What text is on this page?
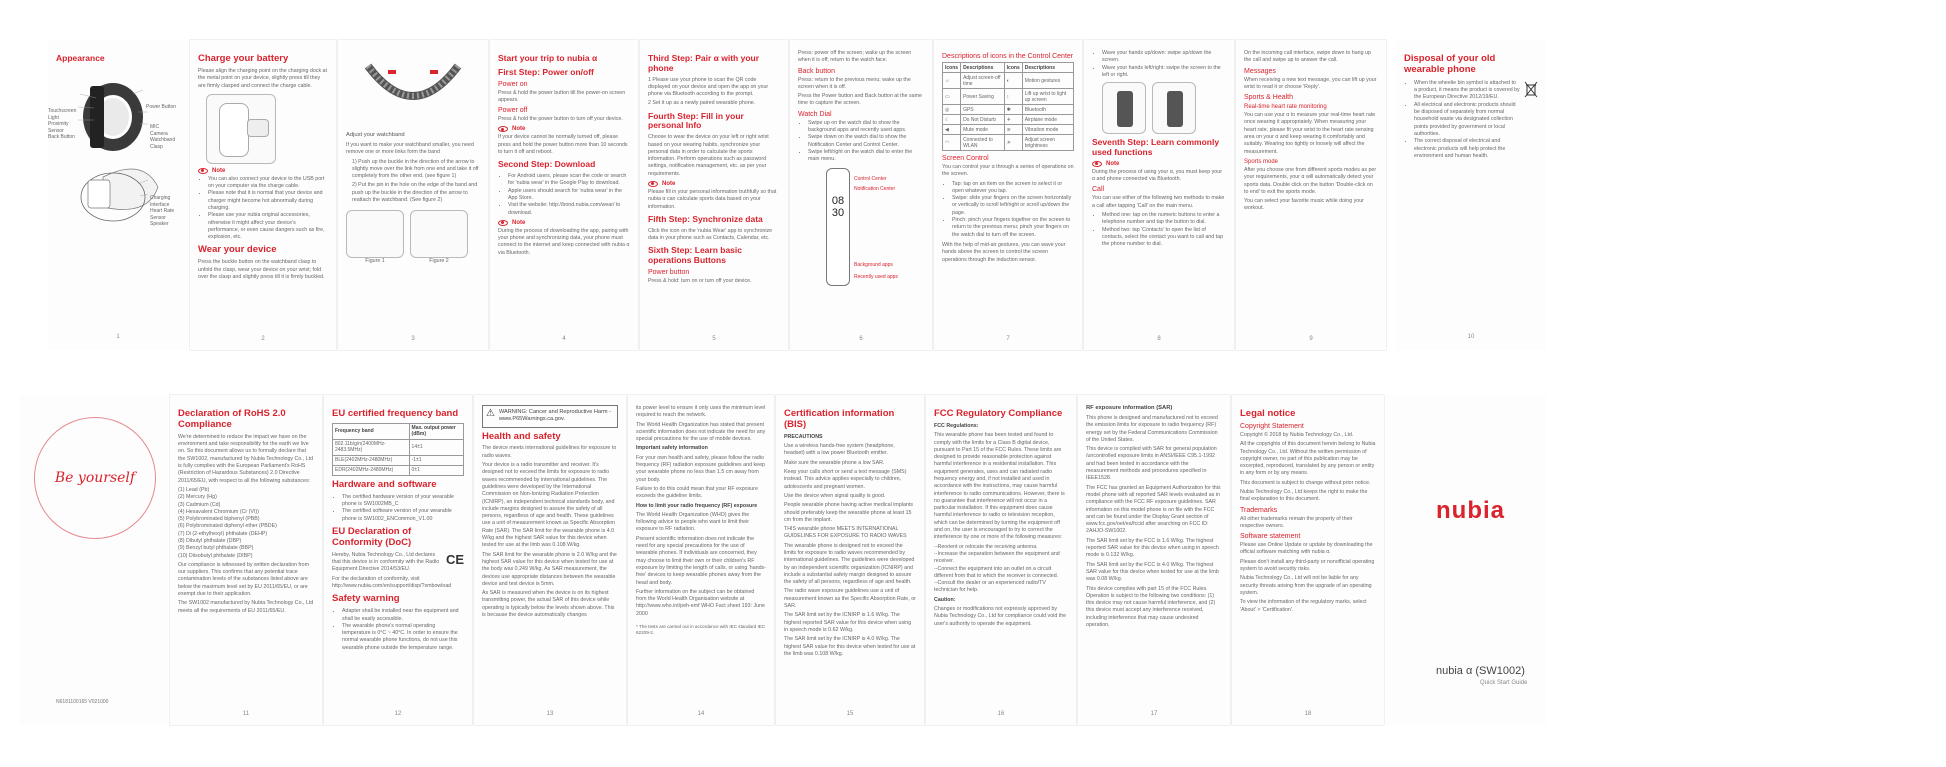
Appearance
Touchscreen
Light
Proximity
Sensor
Back Button
Power Button
MIC
Camera
Watchband
Clasp
Charging
Interface
Heart Rate
Sensor
Speaker
1
Charge your battery

Please align the charging point on the charging dock at the metal point on your device, slightly press till they are firmly clasped and connect the charge cable.

Note
• You can also connect your device to the USB port on your computer via the charge cable.
• Please note that it is normal that your device and charger might become hot abnormally during charging.
• Please use your nubia original accessories, otherwise it might affect your device's performance, or even cause dangers such as fire, explosion, etc.
Wear your device

Press the buckle button on the watchband clasp to unfold the clasp, wear your device on your wrist; fold over the clasp and slightly press till it is firmly buckled.

2

Adjust your watchband

If you want to make your watchband smaller, you need remove one or more links form the band

1) Push up the buckle in the direction of the arrow to slightly move over the link from one end and take it off completely from the other end. (see figure 1)

2) Put the pin in the hole on the edge of the band and push up the buckle in the direction of the arrow to reattach the watchband. (See figure 2)

Figure 1	Figure 2

3
Start your trip to nubia α
First Step: Power on/off
Power on

Press & hold the power button till the power-on screen appears.

Power off

Press & hold the power button to turn off your device.

Note

If your device cannot be normally turned off, please press and hold the power button more than 10 seconds to turn it off and reboot.

Second Step: Download
• For Android users, please scan the code or search for 'nubia wear' in the Google Play to download.
• Apple users should search for 'nubia wear' in the App Store.
• Visit the website: http://bond.nubia.com/wear/ to download.
Note

During the process of downloading the app, pairing with your phone and synchronizing data, your phone must connect to the internet and keep connected with nubia α via Bluetooth.

4
Third Step: Pair α with your phone

1 Please use your phone to scan the QR code displayed on your device and open the app on your phone via Bluetooth according to the prompt.

2 Set it up as a newly paired wearable phone.

Fourth Step: Fill in your personal Info

Choose to wear the device on your left or right wrist based on your wearing habits, synchronize your personal data in order to calculate the sports information. Perform operations such as password settings, notification management, etc. as per your requirements.

Note

Please fill in your personal information truthfully so that nubia α can calculate sports data based on your information.

Fifth Step: Synchronize data

Click the icon on the 'nubia Wear' app to synchronize data in your phone such as Contacts, Calendar, etc.

Sixth Step: Learn basic operations Buttons
Power button

Press & hold: turn on or turn off your device.

5

Press: power off the screen; wake up the screen when it is off; return to the watch face.

Back button

Press: return to the previous menu; wake up the screen when it is off.

Press the Power button and Back button at the same time to capture the screen.

Watch Dial
• Swipe up on the watch dial to show the background apps and recently used apps.
• Swipe down on the watch dial to show the Notification Center and Control Center.
• Swipe left/right on the watch dial to enter the main menu.
08
30
Control Center
Notification Center
Background apps
Recently used apps
6
Descriptions of icons in the Control Center
Icons	Descriptions	Icons	Descriptions
☼	Adjust screen-off time	◐	Motion gestures
▭	Power Saving	↕	Lift up wrist to light up screen
◎	GPS	✱	Bluetooth
☾	Do Not Disturb	✈	Airplane mode
◀	Mute mode	≋	Vibration mode
◠	Connected to WLAN	☀	Adjust screen brightness
Screen Control

You can control your α through a series of operations on the screen.

• Tap: tap on an item on the screen to select it or open whatever you tap.
• Swipe: slide your fingers on the screen horizontally or vertically to scroll left/right or scroll up/down the page.
• Pinch: pinch your fingers together on the screen to return to the previous menu; pinch your fingers on the watch dial to turn off the screen.

With the help of mid-air gestures, you can wave your hands above the screen to control the screen operations through the induction sensor.

7
• Wave your hands up/down: swipe up/down the screen.
• Wave your hands left/right: swipe the screen to the left or right.
Seventh Step: Learn commonly used functions
Note

During the process of using your α, you must keep your α and phone connected via Bluetooth.

Call

You can use either of the following two methods to make a call after tapping 'Call' on the main menu.

• Method one: tap on the numeric buttons to enter a telephone number and tap the button to dial.
• Method two: tap 'Contacts' to open the list of contacts, select the contact you want to call and tap the phone number to dial.
8

On the incoming call interface, swipe down to hang up the call and swipe up to answer the call.

Messages

When receiving a new text message, you can lift up your wrist to read it or choose 'Reply'.

Sports & Health
Real-time heart rate monitoring

You can use your α to measure your real-time heart rate once wearing it appropriately. When measuring your heart rate, please fit your wrist to the heart rate sensing area on your α and keep wearing it comfortably and suitably. Wearing too tightly or loosely will affect the measurement.

Sports mode

After you choose one from different sports modes as per your requirements, your α will automatically detect your sports data. Double click on the button 'Double-click on to end' to exit the sports mode.

You can select your favorite music while doing your workout.

9
Disposal of your old wearable phone
• When the wheelie bin symbol is attached to a product, it means the product is covered by the European Directive 2012/19/EU.
• All electrical and electronic products should be disposed of separately from normal household waste via designated collection points provided by government or local authorities.
• The correct disposal of electrical and electronic products will help protect the environment and human health.
10
Be yourself
N6181100165 V021000
Declaration of RoHS 2.0 Compliance

We're determined to reduce the impact we have on the environment and take responsibility for the earth we live on. So this document allows us to formally declare that the SW1002, manufactured by Nubia Technology Co., Ltd is fully complies with the European Parliament's RoHS (Restriction of Hazardous Substances) 2.0 Directive 2011/65/EU, with respect to all the following substances:

(1) Lead (Pb)

(2) Mercury (Hg)

(3) Cadmium (Cd)

(4) Hexavalent Chromium (Cr (VI))

(5) Polybrominated biphenyl (PBB)

(6) Polybrominated diphenyl ether (PBDE)

(7) Di (2-ethylhexyl) phthalate (DEHP)

(8) Dibutyl phthalate (DBP)

(9) Benzyl butyl phthalate (BBP)

(10) Diisobutyl phthalate (DIBP)

Our compliance is witnessed by written declaration from our suppliers. This confirms that any potential trace contamination levels of the substances listed above are below the maximum level set by EU 2011/65/EU, or are exempt due to their application.

The SW1002 manufactured by Nubia Technology Co., Ltd meets all the requirements of EU 2011/65/EU.

11
EU certified frequency band
Frequency band	Max. output power (dBm)
802.11b/g/n(2400MHz-2483.5MHz)	14±1
BLE(2402MHz-2480MHz)	-1±1
EDR(2402MHz-2480MHz)	0±1
Hardware and software
• The certified hardware version of your wearable phone is SW1002MB_C
• The certified software version of your wearable phone is SW1002_ENCommon_V1.00
EU Declaration of Conformity (DoC)

Hereby, Nubia Technology Co., Ltd declares that this device is in conformity with the Radio Equipment Directive 2014/53/EU.

CE

For the declaration of conformity, visit http://www.nubia.com/en/support/disp/?smbowload

Safety warning
• Adapter shall be installed near the equipment and shall be easily accessible.
• The wearable phone's normal operating temperature is 0°C ~ 40°C. In order to ensure the normal wearable phone functions, do not use this wearable phone outside the temperature range.
12
⚠ WARNING: Cancer and Reproductive Harm - www.P65Warnings.ca.gov.
Health and safety

The device meets international guidelines for exposure to radio waves.

Your device is a radio transmitter and receiver. It's designed not to exceed the limits for exposure to radio waves recommended by international guidelines. The guidelines were developed by the International Commission on Non-Ionizing Radiation Protection (ICNIRP), an independent technical standards body, and include margins designed to assure the safety of all persons, regardless of age and health. These guidelines use a unit of measurement known as Specific Absorption Rate (SAR). The SAR limit for the wearable phone is 4.0 W/kg and the highest SAR value for this device when tested for use at the limb was 0.108 W/kg.

The SAR limit for the wearable phone is 2.0 W/kg and the highest SAR value for this device when tested for use at the body was 0.249 W/kg. As SAR measurement, the devices use appropriate distances between the wearable device and test device is 5mm.

As SAR is measured when the device is on its highest transmitting power, the actual SAR of this device while operating is typically below the levels shown above. This is because the device automatically changes

13

its power level to ensure it only uses the minimum level required to reach the network.

The World Health Organization has stated that present scientific information does not indicate the need for any special precautions for the use of mobile devices.

Important safety information

For your own health and safety, please follow the radio frequency (RF) radiation exposure guidelines and keep your wearable phone no less than 1.5 cm away from your body.

Failure to do this could mean that your RF exposure exceeds the guideline limits.

How to limit your radio frequency (RF) exposure

The World Health Organization (WHO) gives the following advice to people who want to limit their exposure to RF radiation.

Present scientific information does not indicate the need for any special precautions for the use of wearable phones. If individuals are concerned, they may choose to limit their own or their children's RF exposure by limiting the length of calls, or using 'hands-free' devices to keep wearable phones away from the head and body.

Further information on the subject can be obtained from the World Health Organisation website at http://www.who.int/peh-emf WHO Fact sheet 193: June 2000

* The tests are carried out in accordance with IEC standard IEC 62209-2.

14
Certification information (BIS)

PRECAUTIONS

Use a wireless hands-free system (headphone, headset) with a low power Bluetooth emitter.

Make sure the wearable phone a low SAR.

Keep your calls short or send a text message (SMS) instead. This advice applies especially to children, adolescents and pregnant women.

Use the device when signal quality is good.

People wearable phone having active medical implants should preferably keep the wearable phone at least 15 cm from the implant.

THIS wearable phone MEETS INTERNATIONAL GUIDELINES FOR EXPOSURE TO RADIO WAVES

The wearable phone is designed not to exceed the limits for exposure to radio waves recommended by international guidelines. The guidelines were developed by an independent scientific organization (ICNIRP) and include a substantial safety margin designed to assure the safety of all persons, regardless of age and health.

The radio wave exposure guidelines use a unit of measurement known as the Specific Absorption Rate, or SAR.

The SAR limit set by the ICNIRP is 1.6 W/kg. The highest reported SAR value for this device when using in speech mode is 0.62 W/kg.

The SAR limit set by the ICNIRP is 4.0 W/kg. The highest SAR value for this device when tested for use at the limb was 0.108 W/kg.

15
FCC Regulatory Compliance

FCC Regulations:

This wearable phone has been tested and found to comply with the limits for a Class B digital device, pursuant to Part 15 of the FCC Rules. These limits are designed to provide reasonable protection against harmful interference in a residential installation. This equipment generates, uses and can radiated radio frequency energy and, if not installed and used in accordance with the instructions, may cause harmful interference to radio communications. However, there is no guarantee that interference will not occur in a particular installation. If this equipment does cause harmful interference to radio or television reception, which can be determined by turning the equipment off and on, the user is encouraged to try to correct the interference by one or more of the following measures:

--Reorient or relocate the receiving antenna.

--Increase the separation between the equipment and receiver.

--Connect the equipment into an outlet on a circuit different from that to which the receiver is connected.

--Consult the dealer or an experienced radio/TV technician for help.

Caution:

Changes or modifications not expressly approved by Nubia Technology Co., Ltd for compliance could void the user's authority to operate the equipment.

16

RF exposure information (SAR)

This phone is designed and manufactured not to exceed the emission limits for exposure to radio frequency (RF) energy set by the Federal Communications Commission of the United States.

This device is complied with SAR for general population /uncontrolled exposure limits in ANSI/IEEE C95.1-1992 and had been tested in accordance with the measurement methods and procedures specified in IEEE1528.

The FCC has granted an Equipment Authorization for this model phone with all reported SAR levels evaluated as in compliance with the FCC RF exposure guidelines. SAR information on this model phone is on file with the FCC and can be found under the Display Grant section of www.fcc.gov/oet/ea/fccid after searching on FCC ID: 2AHJO-SW1002.

The SAR limit set by the FCC is 1.6 W/kg. The highest reported SAR value for this device when using in speech mode is 0.132 W/kg.

The SAR limit set by the FCC is 4.0 W/kg. The highest SAR value for this device when tested for use at the limb was 0.08 W/kg.

This device complies with part 15 of the FCC Rules. Operation is subject to the following two conditions: (1) this device may not cause harmful interference, and (2) this device must accept any interference received, including interference that may cause undesired operation.

17
Legal notice
Copyright Statement

Copyright © 2018 by Nubia Technology Co., Ltd.

All the copyrights of this document herein belong to Nubia Technology Co., Ltd. Without the written permission of copyright owner, no part of this publication may be excerpted, reproduced, translated by any person or entity in any form or by any means.

This document is subject to change without prior notice.

Nubia Technology Co., Ltd keeps the right to make the final explanation to this document.

Trademarks

All other trademarks remain the property of their respective owners.

Software statement

Please use Online Update or update by downloading the official software matching with nubia α.

Please don't install any third-party or nonofficial operating system to avoid security risks.

Nubia Technology Co., Ltd will not be liable for any security threats arising from the upgrade of an operating system.

To view the information of the regulatory marks, select 'About' > 'Certification'.

18
nubia
nubia α (SW1002)
Quick Start Guide
